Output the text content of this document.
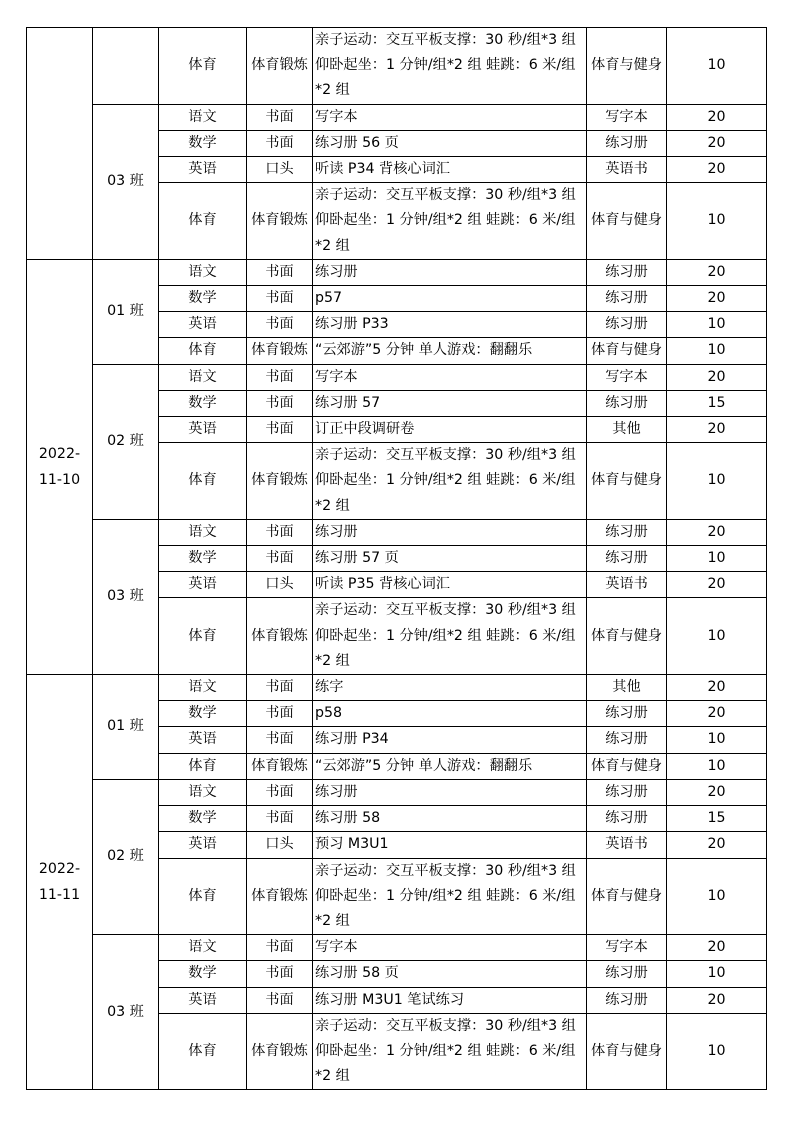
		体育	体育锻炼	亲子运动：交互平板支撑：30 秒/组*3 组 仰卧起坐：1 分钟/组*2 组 蛙跳：6 米/组 *2 组	体育与健身	10
	03 班	语文	书面	写字本	写字本	20
		数学	书面	练习册 56 页	练习册	20
		英语	口头	听读 P34 背核心词汇	英语书	20
		体育	体育锻炼	亲子运动：交互平板支撑：30 秒/组*3 组 仰卧起坐：1 分钟/组*2 组 蛙跳：6 米/组 *2 组	体育与健身	10
2022-11-10	01 班	语文	书面	练习册	练习册	20
		数学	书面	p57	练习册	20
		英语	书面	练习册 P33	练习册	10
		体育	体育锻炼	“云郊游”5 分钟 单人游戏：翻翻乐	体育与健身	10
	02 班	语文	书面	写字本	写字本	20
		数学	书面	练习册 57	练习册	15
		英语	书面	订正中段调研卷	其他	20
		体育	体育锻炼	亲子运动：交互平板支撑：30 秒/组*3 组 仰卧起坐：1 分钟/组*2 组 蛙跳：6 米/组 *2 组	体育与健身	10
	03 班	语文	书面	练习册	练习册	20
		数学	书面	练习册 57 页	练习册	10
		英语	口头	听读 P35 背核心词汇	英语书	20
		体育	体育锻炼	亲子运动：交互平板支撑：30 秒/组*3 组 仰卧起坐：1 分钟/组*2 组 蛙跳：6 米/组 *2 组	体育与健身	10
2022-11-11	01 班	语文	书面	练字	其他	20
		数学	书面	p58	练习册	20
		英语	书面	练习册 P34	练习册	10
		体育	体育锻炼	“云郊游”5 分钟 单人游戏：翻翻乐	体育与健身	10
	02 班	语文	书面	练习册	练习册	20
		数学	书面	练习册 58	练习册	15
		英语	口头	预习 M3U1	英语书	20
		体育	体育锻炼	亲子运动：交互平板支撑：30 秒/组*3 组 仰卧起坐：1 分钟/组*2 组 蛙跳：6 米/组 *2 组	体育与健身	10
	03 班	语文	书面	写字本	写字本	20
		数学	书面	练习册 58 页	练习册	10
		英语	书面	练习册 M3U1 笔试练习	练习册	20
		体育	体育锻炼	亲子运动：交互平板支撑：30 秒/组*3 组 仰卧起坐：1 分钟/组*2 组 蛙跳：6 米/组 *2 组	体育与健身	10
